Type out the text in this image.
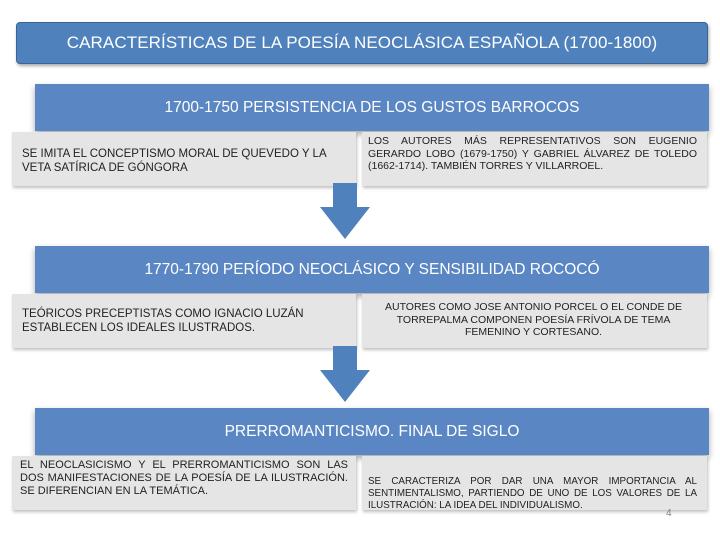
CARACTERÍSTICAS DE LA POESÍA NEOCLÁSICA ESPAÑOLA (1700-1800)
1700-1750 PERSISTENCIA DE LOS GUSTOS BARROCOS
SE IMITA EL CONCEPTISMO MORAL DE QUEVEDO Y LA VETA SATÍRICA DE GÓNGORA
LOS AUTORES MÁS REPRESENTATIVOS SON EUGENIO GERARDO LOBO (1679-1750) Y GABRIEL ÁLVAREZ DE TOLEDO (1662-1714). TAMBIÉN TORRES Y VILLARROEL.
1770-1790 PERÍODO NEOCLÁSICO Y SENSIBILIDAD ROCOCÓ
TEÓRICOS PRECEPTISTAS COMO IGNACIO LUZÁN ESTABLECEN LOS IDEALES ILUSTRADOS.
AUTORES COMO JOSE ANTONIO PORCEL O EL CONDE DE TORREPALMA COMPONEN POESÍA FRÍVOLA DE TEMA FEMENINO Y CORTESANO.
PRERROMANTICISMO. FINAL DE SIGLO
EL NEOCLASICISMO Y EL PRERROMANTICISMO SON LAS DOS MANIFESTACIONES DE LA POESÍA DE LA ILUSTRACIÓN. SE DIFERENCIAN EN LA TEMÁTICA.
SE CARACTERIZA POR DAR UNA MAYOR IMPORTANCIA AL SENTIMENTALISMO, PARTIENDO DE UNO DE LOS VALORES DE LA ILUSTRACIÓN: LA IDEA DEL INDIVIDUALISMO.
4
